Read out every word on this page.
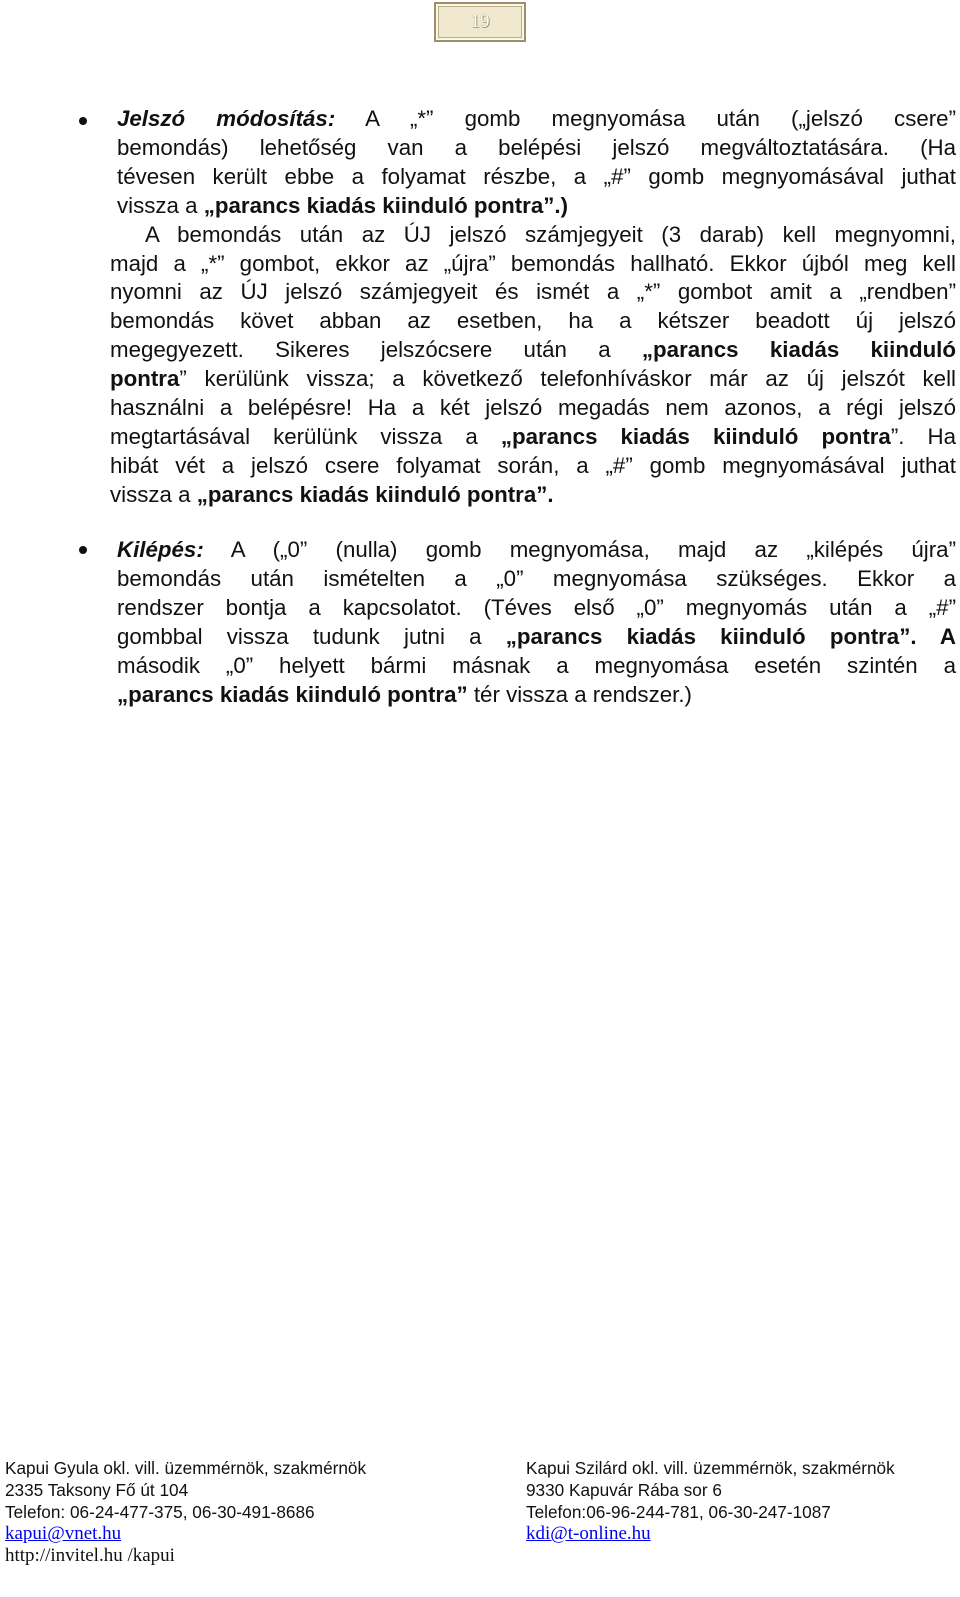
19
Jelszó módosítás: A „*” gomb megnyomása után („jelszó csere”
bemondás) lehetőség van a belépési jelszó megváltoztatására. (Ha
tévesen került ebbe a folyamat részbe, a „#” gomb megnyomásával juthat
vissza a „parancs kiadás kiinduló pontra”.)
A bemondás után az ÚJ jelszó számjegyeit (3 darab) kell megnyomni,
majd a „*” gombot, ekkor az „újra” bemondás hallható. Ekkor újból meg kell
nyomni az ÚJ jelszó számjegyeit és ismét a „*” gombot amit a „rendben”
bemondás követ abban az esetben, ha a kétszer beadott új jelszó
megegyezett. Sikeres jelszócsere után a „parancs kiadás kiinduló
pontra” kerülünk vissza; a következő telefonhíváskor már az új jelszót kell
használni a belépésre! Ha a két jelszó megadás nem azonos, a régi jelszó
megtartásával kerülünk vissza a „parancs kiadás kiinduló pontra”. Ha
hibát vét a jelszó csere folyamat során, a „#” gomb megnyomásával juthat
vissza a „parancs kiadás kiinduló pontra”.
Kilépés: A („0” (nulla) gomb megnyomása, majd az „kilépés újra”
bemondás után ismételten a „0” megnyomása szükséges. Ekkor a
rendszer bontja a kapcsolatot. (Téves első „0” megnyomás után a „#”
gombbal vissza tudunk jutni a „parancs kiadás kiinduló pontra”. A
második „0” helyett bármi másnak a megnyomása esetén szintén a
„parancs kiadás kiinduló pontra” tér vissza a rendszer.)
Kapui Gyula okl. vill. üzemmérnök, szakmérnök
2335 Taksony Fő út 104
Telefon: 06-24-477-375, 06-30-491-8686
kapui@vnet.hu
http://invitel.hu /kapui
Kapui Szilárd okl. vill. üzemmérnök, szakmérnök
9330 Kapuvár Rába sor 6
Telefon:06-96-244-781, 06-30-247-1087
kdi@t-online.hu
